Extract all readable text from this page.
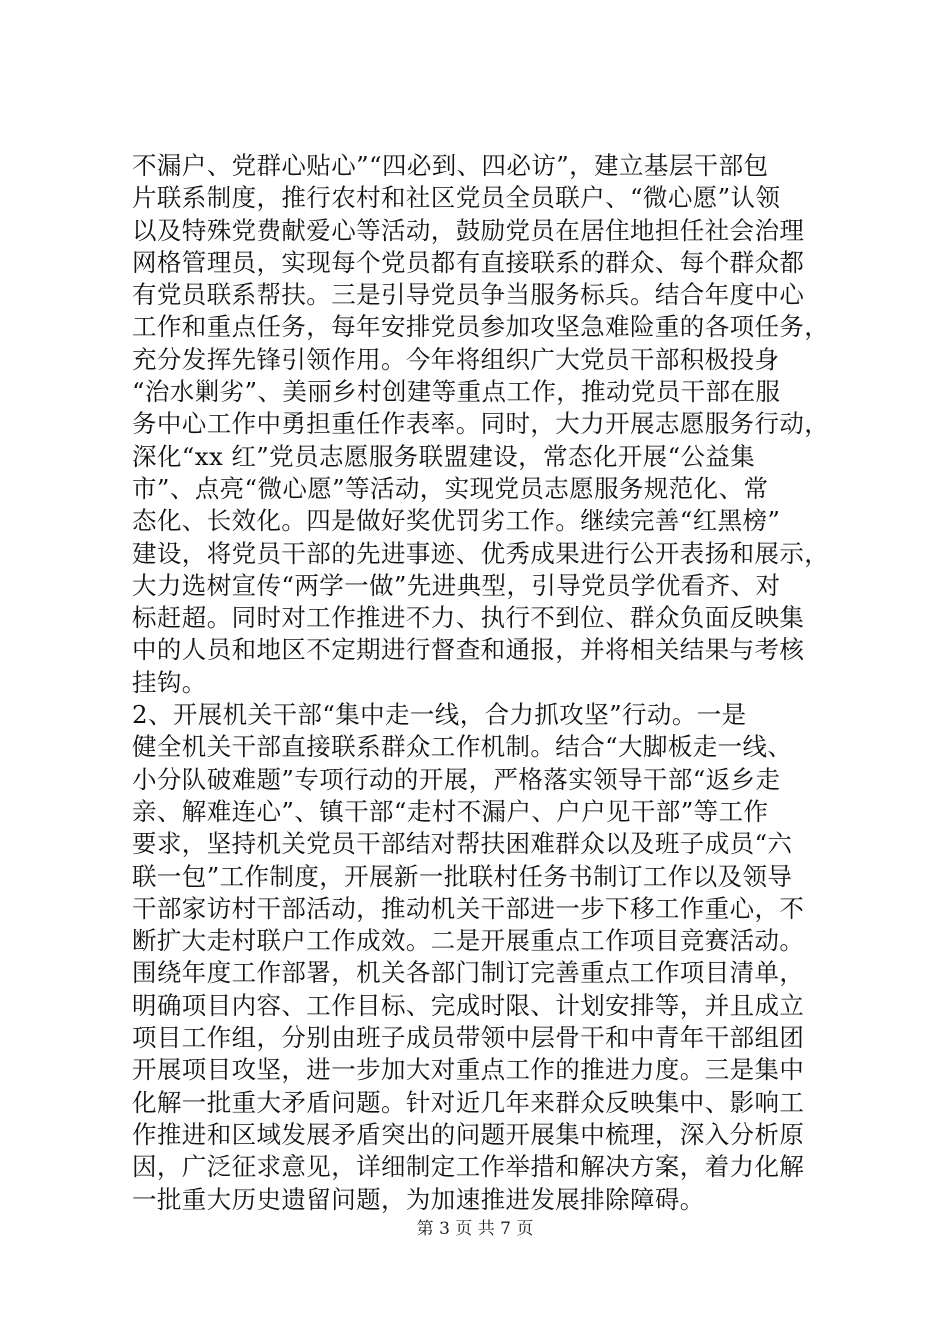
不漏户、党群心贴心”“四必到、四必访”，建立基层干部包
片联系制度，推行农村和社区党员全员联户、“微心愿”认领
以及特殊党费献爱心等活动，鼓励党员在居住地担任社会治理
网格管理员，实现每个党员都有直接联系的群众、每个群众都
有党员联系帮扶。三是引导党员争当服务标兵。结合年度中心
工作和重点任务，每年安排党员参加攻坚急难险重的各项任务，
充分发挥先锋引领作用。今年将组织广大党员干部积极投身
“治水剿劣”、美丽乡村创建等重点工作，推动党员干部在服
务中心工作中勇担重任作表率。同时，大力开展志愿服务行动，
深化“xx 红”党员志愿服务联盟建设，常态化开展“公益集
市”、点亮“微心愿”等活动，实现党员志愿服务规范化、常
态化、长效化。四是做好奖优罚劣工作。继续完善“红黑榜”
建设，将党员干部的先进事迹、优秀成果进行公开表扬和展示，
大力选树宣传“两学一做”先进典型，引导党员学优看齐、对
标赶超。同时对工作推进不力、执行不到位、群众负面反映集
中的人员和地区不定期进行督查和通报，并将相关结果与考核
挂钩。
2、开展机关干部“集中走一线，合力抓攻坚”行动。一是
健全机关干部直接联系群众工作机制。结合“大脚板走一线、
小分队破难题”专项行动的开展，严格落实领导干部“返乡走
亲、解难连心”、镇干部“走村不漏户、户户见干部”等工作
要求，坚持机关党员干部结对帮扶困难群众以及班子成员“六
联一包”工作制度，开展新一批联村任务书制订工作以及领导
干部家访村干部活动，推动机关干部进一步下移工作重心，不
断扩大走村联户工作成效。二是开展重点工作项目竞赛活动。
围绕年度工作部署，机关各部门制订完善重点工作项目清单，
明确项目内容、工作目标、完成时限、计划安排等，并且成立
项目工作组，分别由班子成员带领中层骨干和中青年干部组团
开展项目攻坚，进一步加大对重点工作的推进力度。三是集中
化解一批重大矛盾问题。针对近几年来群众反映集中、影响工
作推进和区域发展矛盾突出的问题开展集中梳理，深入分析原
因，广泛征求意见，详细制定工作举措和解决方案，着力化解
一批重大历史遗留问题，为加速推进发展排除障碍。
第 3 页 共 7 页
